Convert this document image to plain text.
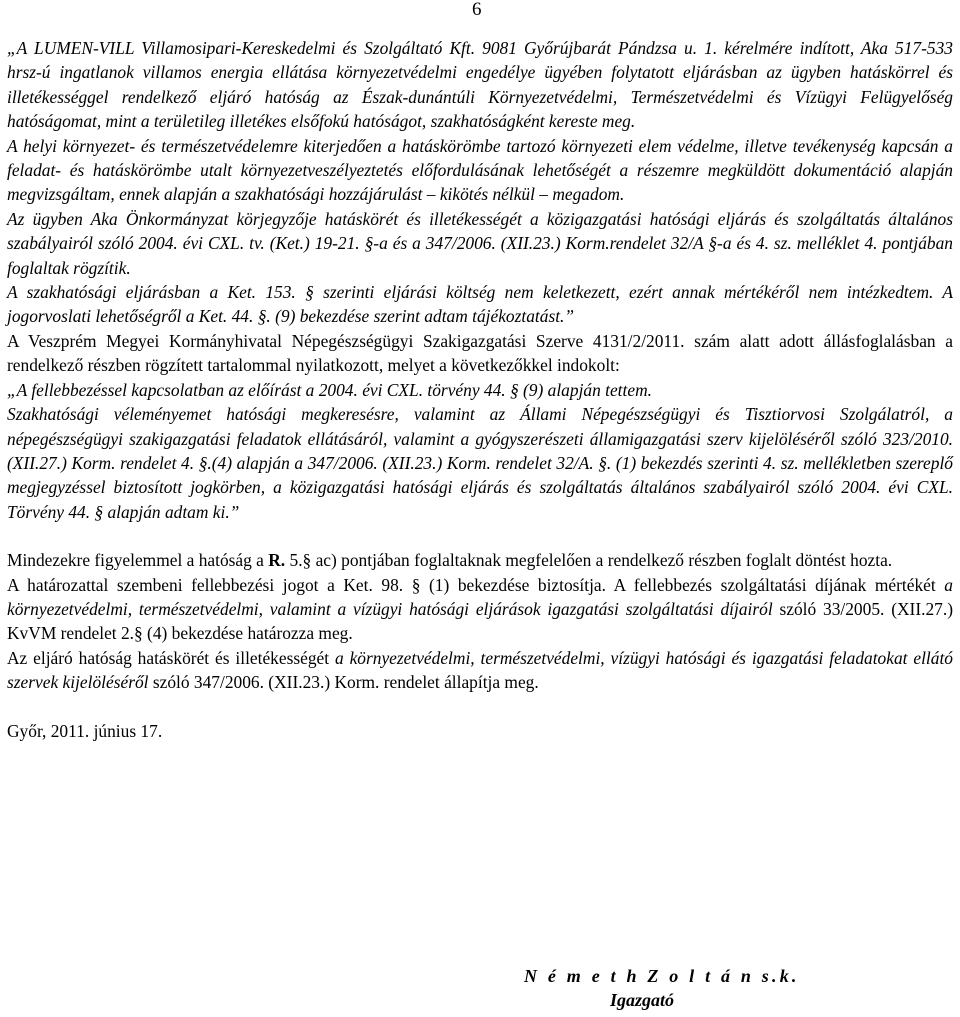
6

„A LUMEN-VILL Villamosipari-Kereskedelmi és Szolgáltató Kft. 9081 Győrújbarát Pándzsa u. 1. kérelmére indított, Aka 517-533 hrsz-ú ingatlanok villamos energia ellátása környezetvédelmi engedélye ügyében folytatott eljárásban az ügyben hatáskörrel és illetékességgel rendelkező eljáró hatóság az Észak-dunántúli Környezetvédelmi, Természetvédelmi és Vízügyi Felügyelőség hatóságomat, mint a területileg illetékes elsőfokú hatóságot, szakhatóságként kereste meg.

A helyi környezet- és természetvédelemre kiterjedően a hatáskörömbe tartozó környezeti elem védelme, illetve tevékenység kapcsán a feladat- és hatáskörömbe utalt környezetveszélyeztetés előfordulásának lehetőségét a részemre megküldött dokumentáció alapján megvizsgáltam, ennek alapján a szakhatósági hozzájárulást – kikötés nélkül – megadom.

Az ügyben Aka Önkormányzat körjegyzője hatáskörét és illetékességét a közigazgatási hatósági eljárás és szolgáltatás általános szabályairól szóló 2004. évi CXL. tv. (Ket.) 19-21. §-a és a 347/2006. (XII.23.) Korm.rendelet 32/A §-a és 4. sz. melléklet 4. pontjában foglaltak rögzítik.

A szakhatósági eljárásban a Ket. 153. § szerinti eljárási költség nem keletkezett, ezért annak mértékéről nem intézkedtem. A jogorvoslati lehetőségről a Ket. 44. §. (9) bekezdése szerint adtam tájékoztatást.”

A Veszprém Megyei Kormányhivatal Népegészségügyi Szakigazgatási Szerve 4131/2/2011. szám alatt adott állásfoglalásban a rendelkező részben rögzített tartalommal nyilatkozott, melyet a következőkkel indokolt:

„A fellebbezéssel kapcsolatban az előírást a 2004. évi CXL. törvény 44. § (9) alapján tettem.

Szakhatósági véleményemet hatósági megkeresésre, valamint az Állami Népegészségügyi és Tisztiorvosi Szolgálatról, a népegészségügyi szakigazgatási feladatok ellátásáról, valamint a gyógyszerészeti államigazgatási szerv kijelöléséről szóló 323/2010. (XII.27.) Korm. rendelet 4. §.(4) alapján a 347/2006. (XII.23.) Korm. rendelet 32/A. §. (1) bekezdés szerinti 4. sz. mellékletben szereplő megjegyzéssel biztosított jogkörben, a közigazgatási hatósági eljárás és szolgáltatás általános szabályairól szóló 2004. évi CXL. Törvény 44. § alapján adtam ki.”

Mindezekre figyelemmel a hatóság a R. 5.§ ac) pontjában foglaltaknak megfelelően a rendelkező részben foglalt döntést hozta.

A határozattal szembeni fellebbezési jogot a Ket. 98. § (1) bekezdése biztosítja. A fellebbezés szolgáltatási díjának mértékét a környezetvédelmi, természetvédelmi, valamint a vízügyi hatósági eljárások igazgatási szolgáltatási díjairól szóló 33/2005. (XII.27.) KvVM rendelet 2.§ (4) bekezdése határozza meg.

Az eljáró hatóság hatáskörét és illetékességét a környezetvédelmi, természetvédelmi, vízügyi hatósági és igazgatási feladatokat ellátó szervek kijelöléséről szóló 347/2006. (XII.23.) Korm. rendelet állapítja meg.

Győr, 2011. június 17.

N é m e t h Z o l t á n s.k.
Igazgató
